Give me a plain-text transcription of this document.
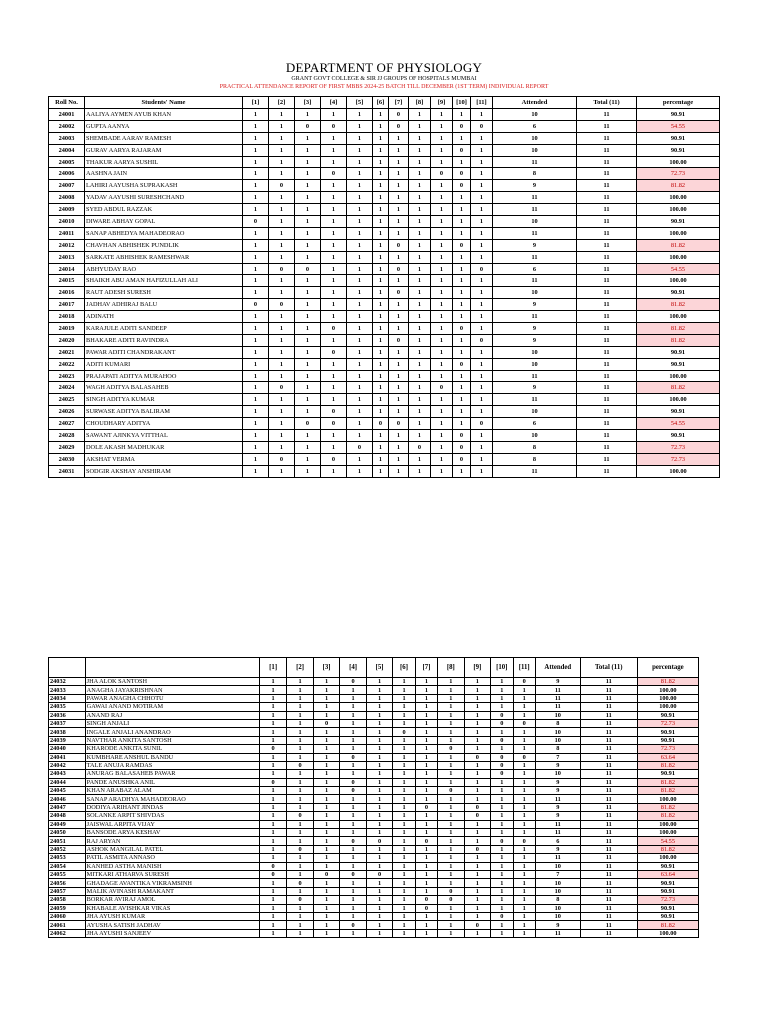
DEPARTMENT OF PHYSIOLOGY
GRANT GOVT COLLEGE & SIR JJ GROUPS OF HOSPITALS MUMBAI
PRACTICAL ATTENDANCE REPORT OF FIRST MBBS 2024-25 BATCH TILL DECEMBER (1ST TERM) INDIVIDUAL REPORT
Roll No.	Students' Name	[1]	[2]	[3]	[4]	[5]	[6]	[7]	[8]	[9]	[10]	[11]	Attended	Total (11)	percentage
24001	AALIYA AYMEN AYUB KHAN	1	1	1	1	1	1	0	1	1	1	1	10	11	90.91
24002	GUPTA AANYA	1	1	0	0	1	1	0	1	1	0	0	6	11	54.55
24003	SHEMBADE AARAV RAMESH	1	1	1	1	1	1	1	1	1	1	1	10	11	90.91
24004	GURAV AARYA RAJARAM	1	1	1	1	1	1	1	1	1	0	1	10	11	90.91
24005	THAKUR AARYA SUSHIL	1	1	1	1	1	1	1	1	1	1	1	11	11	100.00
24006	AASHNA JAIN	1	1	1	0	1	1	1	1	0	0	1	8	11	72.73
24007	LAHIRI AAYUSHA SUPRAKASH	1	0	1	1	1	1	1	1	1	0	1	9	11	81.82
24008	YADAV AAYUSHI SURESHCHAND	1	1	1	1	1	1	1	1	1	1	1	11	11	100.00
24009	SYED ABDUL RAZZAK	1	1	1	1	1	1	1	1	1	1	1	11	11	100.00
24010	DIWARE ABHAY GOPAL	0	1	1	1	1	1	1	1	1	1	1	10	11	90.91
24011	SANAP ABHEDYA MAHADEORAO	1	1	1	1	1	1	1	1	1	1	1	11	11	100.00
24012	CHAVHAN ABHISHEK PUNDLIK	1	1	1	1	1	1	0	1	1	0	1	9	11	81.82
24013	SARKATE ABHISHEK RAMESHWAR	1	1	1	1	1	1	1	1	1	1	1	11	11	100.00
24014	ABHYUDAY RAO	1	0	0	1	1	1	0	1	1	1	0	6	11	54.55
24015	SHAIKH ABU AMAN HAFIZULLAH ALI	1	1	1	1	1	1	1	1	1	1	1	11	11	100.00
24016	RAUT ADESH SURESH	1	1	1	1	1	1	0	1	1	1	1	10	11	90.91
24017	JADHAV ADHIRAJ BALU	0	0	1	1	1	1	1	1	1	1	1	9	11	81.82
24018	ADINATH	1	1	1	1	1	1	1	1	1	1	1	11	11	100.00
24019	KARAJULE ADITI SANDEEP	1	1	1	0	1	1	1	1	1	0	1	9	11	81.82
24020	BHAKARE ADITI RAVINDRA	1	1	1	1	1	1	0	1	1	1	0	9	11	81.82
24021	PAWAR ADITI CHANDRAKANT	1	1	1	0	1	1	1	1	1	1	1	10	11	90.91
24022	ADITI KUMARI	1	1	1	1	1	1	1	1	1	0	1	10	11	90.91
24023	PRAJAPATI ADITYA MURAHOO	1	1	1	1	1	1	1	1	1	1	1	11	11	100.00
24024	WAGH ADITYA BALASAHEB	1	0	1	1	1	1	1	1	0	1	1	9	11	81.82
24025	SINGH ADITYA KUMAR	1	1	1	1	1	1	1	1	1	1	1	11	11	100.00
24026	SURWASE ADITYA BALIRAM	1	1	1	0	1	1	1	1	1	1	1	10	11	90.91
24027	CHOUDHARY ADITYA	1	1	0	0	1	0	0	1	1	1	0	6	11	54.55
24028	SAWANT AJINKYA VITTHAL	1	1	1	1	1	1	1	1	1	0	1	10	11	90.91
24029	DOLE AKASH MADHUKAR	1	1	1	1	0	1	1	0	1	0	1	8	11	72.73
24030	AKSHAT VERMA	1	0	1	0	1	1	1	1	1	0	1	8	11	72.73
24031	SODGIR AKSHAY ANSHIRAM	1	1	1	1	1	1	1	1	1	1	1	11	11	100.00
		[1]	[2]	[3]	[4]	[5]	[6]	[7]	[8]	[9]	[10]	[11]	Attended	Total (11)	percentage
24032	JHA ALOK SANTOSH	1	1	1	0	1	1	1	1	1	1	0	9	11	81.82
24033	ANAGHA JAYAKRISHNAN	1	1	1	1	1	1	1	1	1	1	1	11	11	100.00
24034	PAWAR ANAGHA CHHOTU	1	1	1	1	1	1	1	1	1	1	1	11	11	100.00
24035	GAWAI ANAND MOTIRAM	1	1	1	1	1	1	1	1	1	1	1	11	11	100.00
24036	ANAND RAJ	1	1	1	1	1	1	1	1	1	0	1	10	11	90.91
24037	SINGH ANJALI	1	1	0	1	1	1	1	1	1	0	0	8	11	72.73
24038	INGALE ANJALI ANANDRAO	1	1	1	1	1	0	1	1	1	1	1	10	11	90.91
24039	NAVTHAR ANKITA SANTOSH	1	1	1	1	1	1	1	1	1	0	1	10	11	90.91
24040	KHARODE ANKITA SUNIL	0	1	1	1	1	1	1	0	1	1	1	8	11	72.73
24041	KUMBHARE ANSHUL BANDU	1	1	1	0	1	1	1	1	0	0	0	7	11	63.64
24042	TALE ANUJA RAMDAS	1	0	1	1	1	1	1	1	1	0	1	9	11	81.82
24043	ANURAG BALASAHEB PAWAR	1	1	1	1	1	1	1	1	1	0	1	10	11	90.91
24044	PANDE ANUSHKA ANIL	0	1	1	0	1	1	1	1	1	1	1	9	11	81.82
24045	KHAN ARABAZ ALAM	1	1	1	0	1	1	1	0	1	1	1	9	11	81.82
24046	SANAP ARADHYA MAHADEORAO	1	1	1	1	1	1	1	1	1	1	1	11	11	100.00
24047	DODIYA ARIHANT JINDAS	1	1	1	1	1	1	0	1	0	1	1	9	11	81.82
24048	SOLANKE ARPIT SHIVDAS	1	0	1	1	1	1	1	1	0	1	1	9	11	81.82
24049	JAISWAL ARPITA VIJAY	1	1	1	1	1	1	1	1	1	1	1	11	11	100.00
24050	BANSODE ARYA KESHAV	1	1	1	1	1	1	1	1	1	1	1	11	11	100.00
24051	RAJ ARYAN	1	1	1	0	0	1	0	1	1	0	0	6	11	54.55
24052	ASHOK MANGILAL PATEL	1	0	1	1	1	1	1	1	0	1	1	9	11	81.82
24053	PATIL ASMITA ANNASO	1	1	1	1	1	1	1	1	1	1	1	11	11	100.00
24054	KANHED ASTHA MANISH	0	1	1	1	1	1	1	1	1	1	1	10	11	90.91
24055	MITKARI ATHARVA SURESH	0	1	0	0	0	1	1	1	1	1	1	7	11	63.64
24056	GHADAGE AVANTIKA VIKRAMSINH	1	0	1	1	1	1	1	1	1	1	1	10	11	90.91
24057	MALIK AVINASH RAMAKANT	1	1	1	1	1	1	1	0	1	1	1	10	11	90.91
24058	BORKAR AVIRAJ AMOL	1	0	1	1	1	1	0	0	1	1	1	8	11	72.73
24059	KHABALE AVISHKAR VIKAS	1	1	1	1	1	1	0	1	1	1	1	10	11	90.91
24060	JHA AYUSH KUMAR	1	1	1	1	1	1	1	1	1	0	1	10	11	90.91
24061	AYUSHA SATISH JADHAV	1	1	1	0	1	1	1	1	0	1	1	9	11	81.82
24062	JHA AYUSHI SANJEEV	1	1	1	1	1	1	1	1	1	1	1	11	11	100.00
